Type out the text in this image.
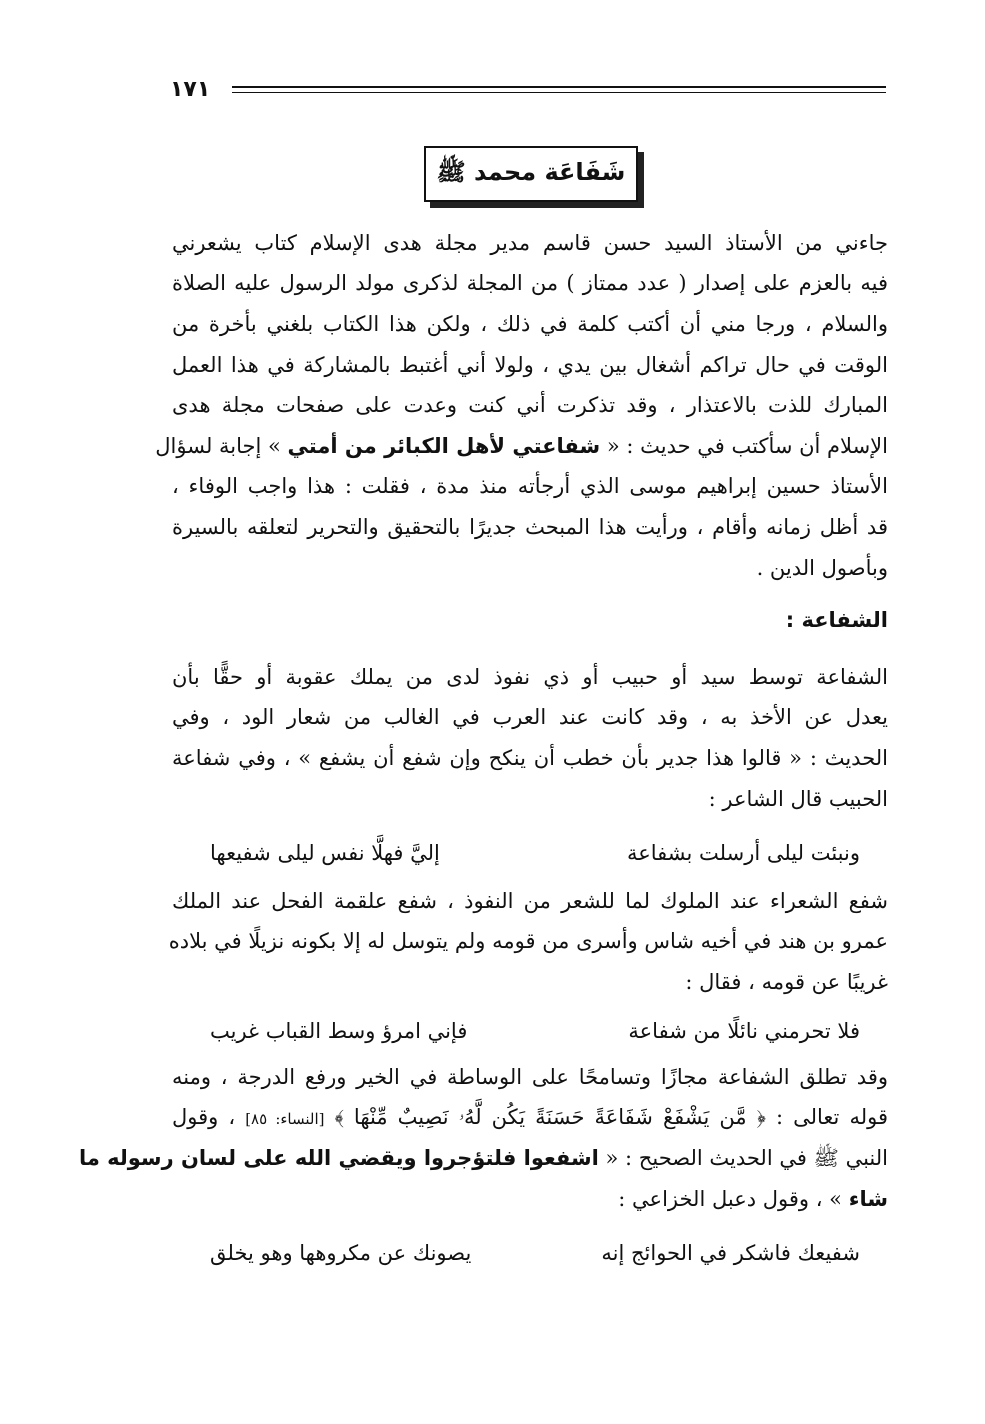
١٧١
شَفَاعَة محمد ﷺ
جاءني من الأستاذ السيد حسن قاسم مدير مجلة هدى الإسلام كتاب يشعرني
فيه بالعزم على إصدار ( عدد ممتاز ) من المجلة لذكرى مولد الرسول عليه الصلاة
والسلام ، ورجا مني أن أكتب كلمة في ذلك ، ولكن هذا الكتاب بلغني بأخرة من
الوقت في حال تراكم أشغال بين يدي ، ولولا أني أغتبط بالمشاركة في هذا العمل
المبارك للذت بالاعتذار ، وقد تذكرت أني كنت وعدت على صفحات مجلة هدى
الإسلام أن سأكتب في حديث : « شفاعتي لأهل الكبائر من أمتي » إجابة لسؤال
الأستاذ حسين إبراهيم موسى الذي أرجأته منذ مدة ، فقلت : هذا واجب الوفاء ،
قد أظل زمانه وأقام ، ورأيت هذا المبحث جديرًا بالتحقيق والتحرير لتعلقه بالسيرة
وبأصول الدين .
الشفاعة :
الشفاعة توسط سيد أو حبيب أو ذي نفوذ لدى من يملك عقوبة أو حقًّا بأن
يعدل عن الأخذ به ، وقد كانت عند العرب في الغالب من شعار الود ، وفي
الحديث : « قالوا هذا جدير بأن خطب أن ينكح وإن شفع أن يشفع » ، وفي شفاعة
الحبيب قال الشاعر :
ونبئت ليلى أرسلت بشفاعة
إليَّ فهلَّا نفس ليلى شفيعها
شفع الشعراء عند الملوك لما للشعر من النفوذ ، شفع علقمة الفحل عند الملك
عمرو بن هند في أخيه شاس وأسرى من قومه ولم يتوسل له إلا بكونه نزيلًا في بلاده
غريبًا عن قومه ، فقال :
فلا تحرمني نائلًا من شفاعة
فإني امرؤ وسط القباب غريب
وقد تطلق الشفاعة مجازًا وتسامحًا على الوساطة في الخير ورفع الدرجة ، ومنه
قوله تعالى : ﴿ مَّن يَشْفَعْ شَفَاعَةً حَسَنَةً يَكُن لَّهُۥ نَصِيبٌ مِّنْهَا ﴾ [النساء: ٨٥] ، وقول
النبي ﷺ في الحديث الصحيح : « اشفعوا فلتؤجروا ويقضي الله على لسان رسوله ما
شاء » ، وقول دعبل الخزاعي :
شفيعك فاشكر في الحوائج إنه
يصونك عن مكروهها وهو يخلق
